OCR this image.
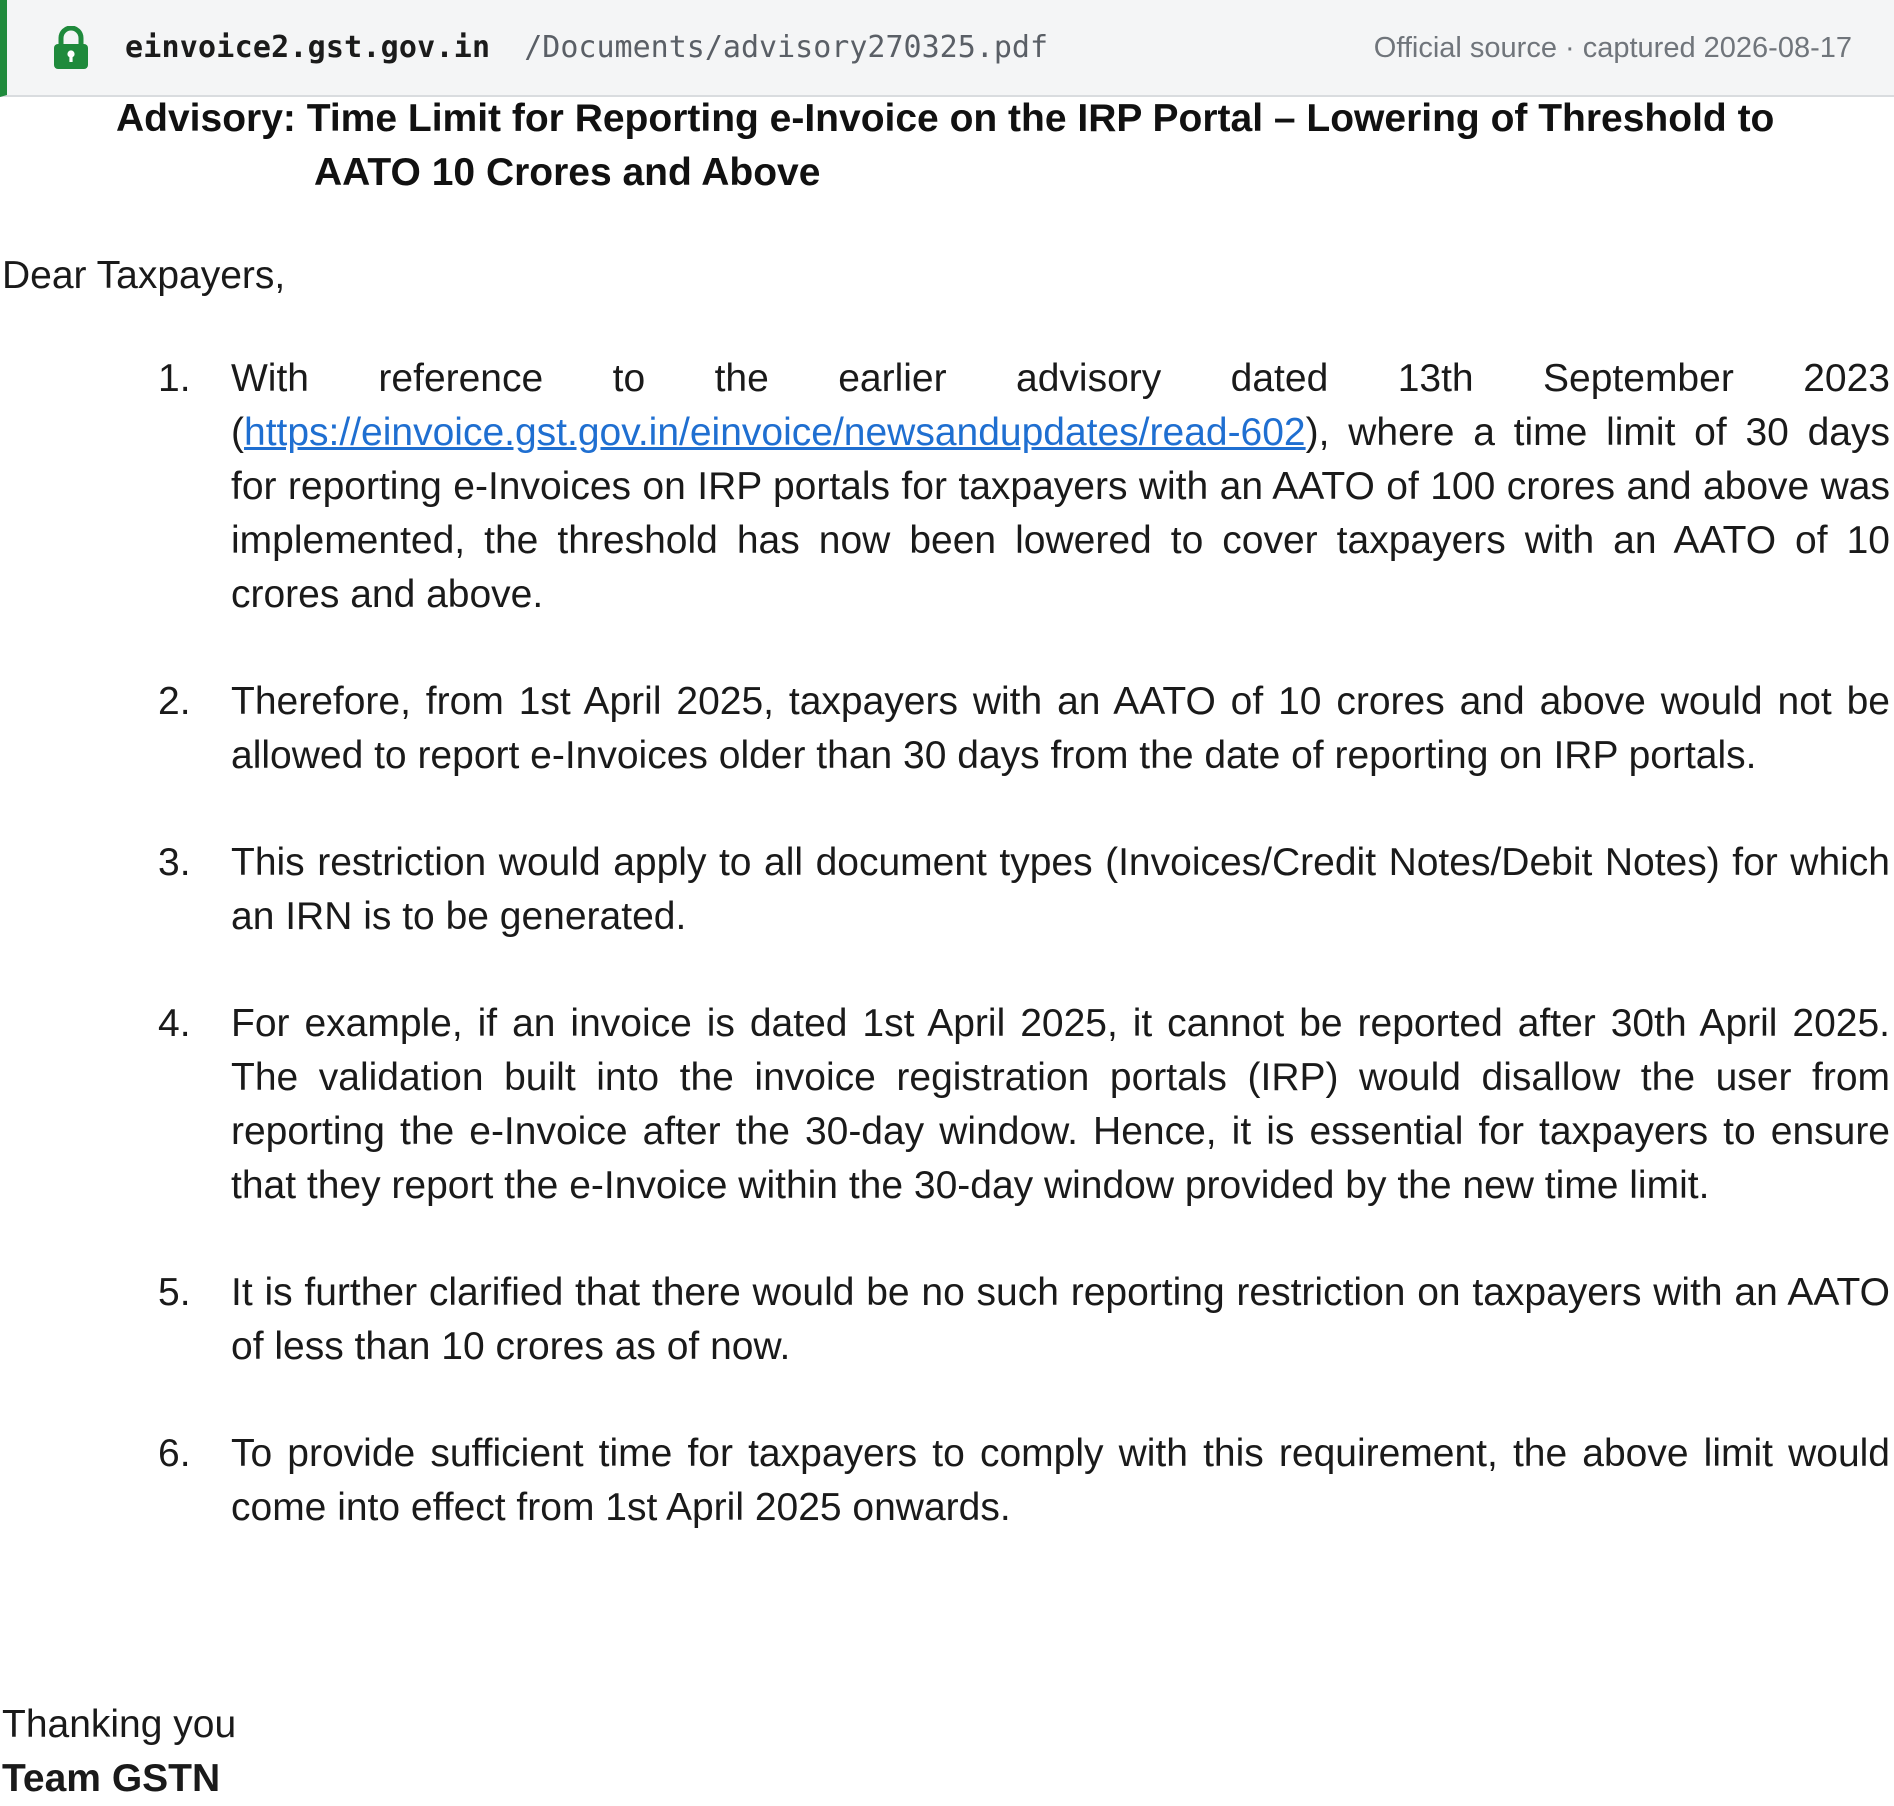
einvoice2.gst.gov.in /Documents/advisory270325.pdf	Official source · captured 2026-08-17
Advisory: Time Limit for Reporting e-Invoice on the IRP Portal – Lowering of Threshold to
AATO 10 Crores and Above

Dear Taxpayers,

1. With reference to the earlier advisory dated 13th September 2023 (https://einvoice.gst.gov.in/einvoice/newsandupdates/read-602), where a time limit of 30 days for reporting e-Invoices on IRP portals for taxpayers with an AATO of 100 crores and above was implemented, the threshold has now been lowered to cover taxpayers with an AATO of 10 crores and above.

2. Therefore, from 1st April 2025, taxpayers with an AATO of 10 crores and above would not be allowed to report e-Invoices older than 30 days from the date of reporting on IRP portals.

3. This restriction would apply to all document types (Invoices/Credit Notes/Debit Notes) for which an IRN is to be generated.

4. For example, if an invoice is dated 1st April 2025, it cannot be reported after 30th April 2025. The validation built into the invoice registration portals (IRP) would disallow the user from reporting the e-Invoice after the 30-day window. Hence, it is essential for taxpayers to ensure that they report the e-Invoice within the 30-day window provided by the new time limit.

5. It is further clarified that there would be no such reporting restriction on taxpayers with an AATO of less than 10 crores as of now.

6. To provide sufficient time for taxpayers to comply with this requirement, the above limit would come into effect from 1st April 2025 onwards.

Thanking you

Team GSTN
